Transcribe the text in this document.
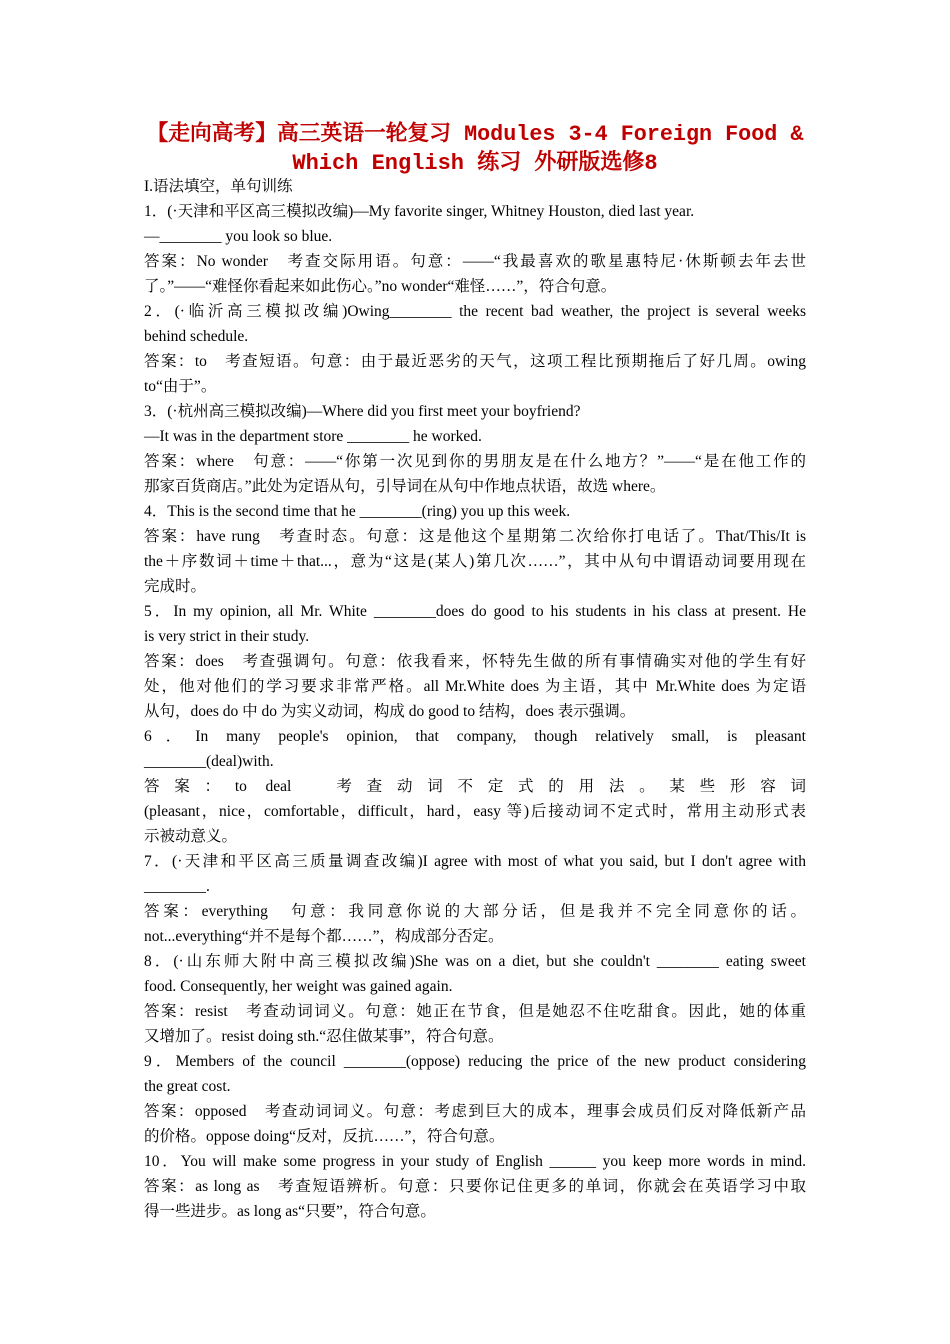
【走向高考】高三英语一轮复习 Modules 3-4 Foreign Food &
Which English 练习 外研版选修8
I.语法填空，单句训练
1．(·天津和平区高三模拟改编)—My favorite singer, Whitney Houston, died last year.
—________ you look so blue.
答案：No wonder　考查交际用语。句意：——“我最喜欢的歌星惠特尼·休斯顿去年去世
了。”——“难怪你看起来如此伤心。”no wonder“难怪……”，符合句意。
2．(·临沂高三模拟改编)Owing________ the recent bad weather, the project is several weeks
behind schedule.
答案：to　考查短语。句意：由于最近恶劣的天气，这项工程比预期拖后了好几周。owing
to“由于”。
3．(·杭州高三模拟改编)—Where did you first meet your boyfriend?
—It was in the department store ________ he worked.
答案：where　句意：——“你第一次见到你的男朋友是在什么地方？”——“是在他工作的
那家百货商店。”此处为定语从句，引导词在从句中作地点状语，故选 where。
4．This is the second time that he ________(ring) you up this week.
答案：have rung　考查时态。句意：这是他这个星期第二次给你打电话了。That/This/It is
the＋序数词＋time＋that...，意为“这是(某人)第几次……”，其中从句中谓语动词要用现在
完成时。
5．In my opinion, all Mr. White ________does do good to his students in his class at present. He
is very strict in their study.
答案：does　考查强调句。句意：依我看来，怀特先生做的所有事情确实对他的学生有好
处，他对他们的学习要求非常严格。all Mr.White does 为主语，其中 Mr.White does 为定语
从句，does do 中 do 为实义动词，构成 do good to 结构，does 表示强调。
6．In many people's opinion, that company, though relatively small, is pleasant
________(deal)with.
答案：to deal　考查动词不定式的用法。某些形容词
(pleasant，nice，comfortable，difficult，hard，easy 等)后接动词不定式时，常用主动形式表
示被动意义。
7．(·天津和平区高三质量调查改编)I agree with most of what you said, but I don't agree with
________.
答案：everything　句意：我同意你说的大部分话，但是我并不完全同意你的话。
not...everything“并不是每个都……”，构成部分否定。
8．(·山东师大附中高三模拟改编)She was on a diet, but she couldn't ________ eating sweet
food. Consequently, her weight was gained again.
答案：resist　考查动词词义。句意：她正在节食，但是她忍不住吃甜食。因此，她的体重
又增加了。resist doing sth.“忍住做某事”，符合句意。
9．Members of the council ________(oppose) reducing the price of the new product considering
the great cost.
答案：opposed　考查动词词义。句意：考虑到巨大的成本，理事会成员们反对降低新产品
的价格。oppose doing“反对，反抗……”，符合句意。
10．You will make some progress in your study of English ______ you keep more words in mind.
答案：as long as　考查短语辨析。句意：只要你记住更多的单词，你就会在英语学习中取
得一些进步。as long as“只要”，符合句意。
